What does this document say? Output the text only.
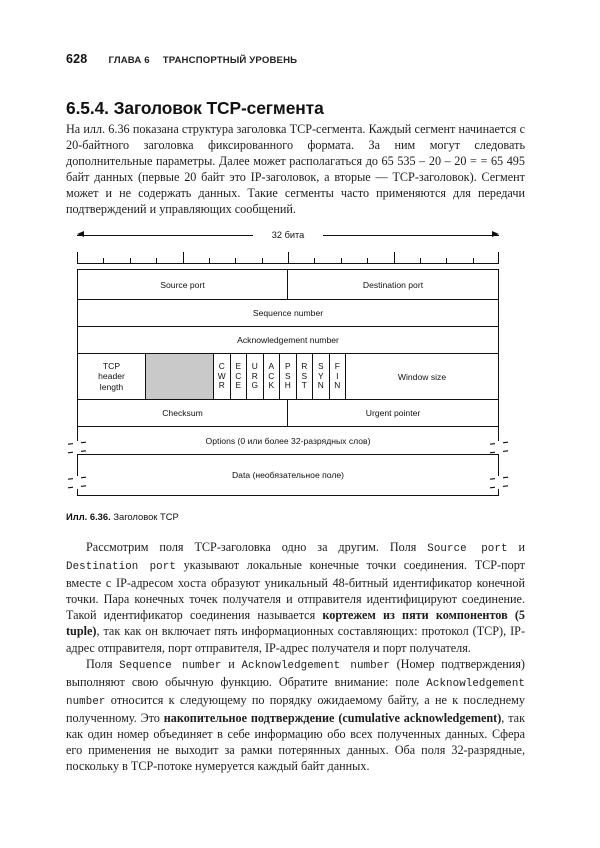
628 ГЛАВА 6 ТРАНСПОРТНЫЙ УРОВЕНЬ
6.5.4. Заголовок TCP-сегмента

На илл. 6.36 показана структура заголовка TCP-сегмента. Каждый сегмент начинается с 20-байтного заголовка фиксированного формата. За ним могут следовать дополнительные параметры. Далее может располагаться до 65 535 – 20 – 20 = = 65 495 байт данных (первые 20 байт это IP-заголовок, а вторые — TCP-заголовок). Сегмент может и не содержать данных. Такие сегменты часто применяются для передачи подтверждений и управляющих сообщений.

32 бита
Source port	Destination port
Sequence number
Acknowledgement number
TCP
header
length
C
W
R
E
C
E
U
R
G
A
C
K
P
S
H
R
S
T
S
Y
N
F
I
N
Window size
Checksum	Urgent pointer
Options (0 или более 32-разрядных слов)
Data (необязательное поле)
Илл. 6.36. Заголовок TCP

Рассмотрим поля TCP-заголовка одно за другим. Поля Source port и Destination port указывают локальные конечные точки соединения. TCP-порт вместе с IP-адресом хоста образуют уникальный 48-битный идентификатор конечной точки. Пара конечных точек получателя и отправителя идентифицируют соединение. Такой идентификатор соединения называется кортежем из пяти компонентов (5 tuple), так как он включает пять информационных составляющих: протокол (TCP), IP-адрес отправителя, порт отправителя, IP-адрес получателя и порт получателя.

Поля Sequence number и Acknowledgement number (Номер подтверждения) выполняют свою обычную функцию. Обратите внимание: поле Acknowledgement number относится к следующему по порядку ожидаемому байту, а не к последнему полученному. Это накопительное подтверждение (cumulative acknowledgement), так как один номер объединяет в себе информацию обо всех полученных данных. Сфера его применения не выходит за рамки потерянных данных. Оба поля 32-разрядные, поскольку в TCP-потоке нумеруется каждый байт данных.
